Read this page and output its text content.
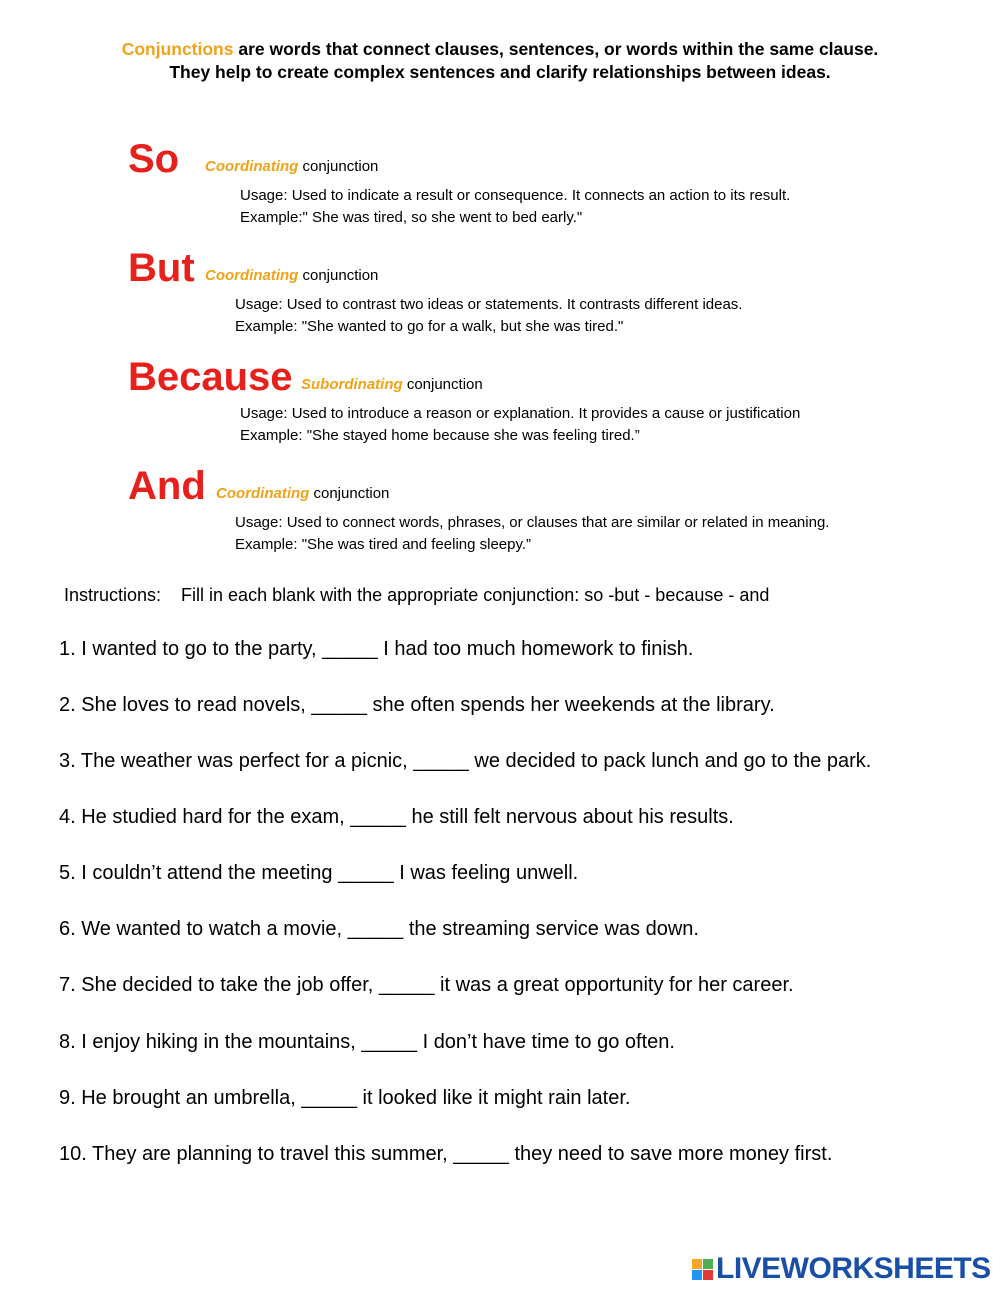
Conjunctions are words that connect clauses, sentences, or words within the same clause.
They help to create complex sentences and clarify relationships between ideas.
So Coordinating conjunction
Usage: Used to indicate a result or consequence. It connects an action to its result.
Example:" She was tired, so she went to bed early."
But Coordinating conjunction
Usage: Used to contrast two ideas or statements. It contrasts different ideas.
Example: "She wanted to go for a walk, but she was tired."
Because Subordinating conjunction
Usage: Used to introduce a reason or explanation. It provides a cause or justification
Example: "She stayed home because she was feeling tired.”
And Coordinating conjunction
Usage: Used to connect words, phrases, or clauses that are similar or related in meaning.
Example: "She was tired and feeling sleepy.”
Instructions:    Fill in each blank with the appropriate conjunction: so -but - because - and
1. I wanted to go to the party, _____ I had too much homework to finish.
2. She loves to read novels, _____ she often spends her weekends at the library.
3. The weather was perfect for a picnic, _____ we decided to pack lunch and go to the park.
4. He studied hard for the exam, _____ he still felt nervous about his results.
5. I couldn’t attend the meeting _____ I was feeling unwell.
6. We wanted to watch a movie, _____ the streaming service was down.
7. She decided to take the job offer, _____ it was a great opportunity for her career.
8. I enjoy hiking in the mountains, _____ I don’t have time to go often.
9. He brought an umbrella, _____ it looked like it might rain later.
10. They are planning to travel this summer, _____ they need to save more money first.
LIVEWORKSHEETS
